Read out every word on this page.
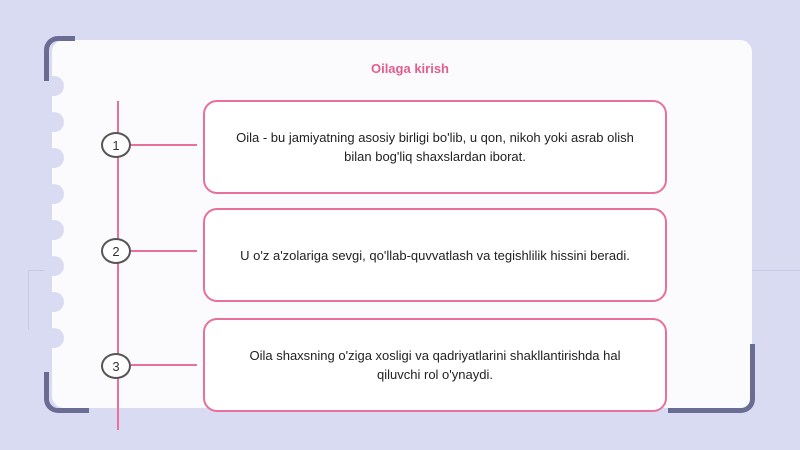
Oilaga kirish
1	Oila - bu jamiyatning asosiy birligi bo'lib, u qon, nikoh yoki asrab olish bilan bog'liq shaxslardan iborat.
2	U o'z a'zolariga sevgi, qo'llab-quvvatlash va tegishlilik hissini beradi.
3
Oila shaxsning o'ziga xosligi va qadriyatlarini shakllantirishda hal qiluvchi rol o'ynaydi.
